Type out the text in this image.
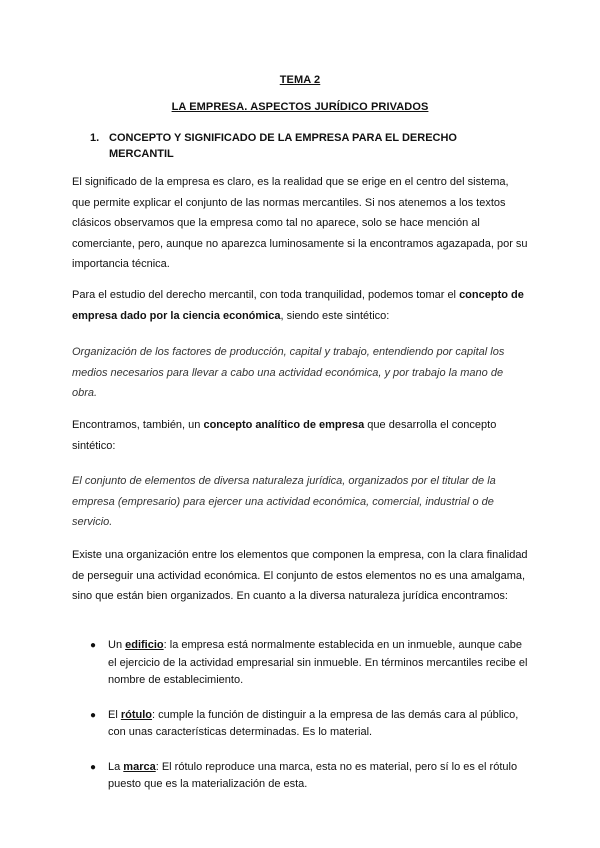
TEMA 2
LA EMPRESA. ASPECTOS JURÍDICO PRIVADOS
1. CONCEPTO Y SIGNIFICADO DE LA EMPRESA PARA EL DERECHO MERCANTIL
El significado de la empresa es claro, es la realidad que se erige en el centro del sistema, que permite explicar el conjunto de las normas mercantiles. Si nos atenemos a los textos clásicos observamos que la empresa como tal no aparece, solo se hace mención al comerciante, pero, aunque no aparezca luminosamente si la encontramos agazapada, por su importancia técnica.
Para el estudio del derecho mercantil, con toda tranquilidad, podemos tomar el concepto de empresa dado por la ciencia económica, siendo este sintético:
Organización de los factores de producción, capital y trabajo, entendiendo por capital los medios necesarios para llevar a cabo una actividad económica, y por trabajo la mano de obra.
Encontramos, también, un concepto analítico de empresa que desarrolla el concepto sintético:
El conjunto de elementos de diversa naturaleza jurídica, organizados por el titular de la empresa (empresario) para ejercer una actividad económica, comercial, industrial o de servicio.
Existe una organización entre los elementos que componen la empresa, con la clara finalidad de perseguir una actividad económica. El conjunto de estos elementos no es una amalgama, sino que están bien organizados. En cuanto a la diversa naturaleza jurídica encontramos:
● Un edificio: la empresa está normalmente establecida en un inmueble, aunque cabe el ejercicio de la actividad empresarial sin inmueble. En términos mercantiles recibe el nombre de establecimiento.
● El rótulo: cumple la función de distinguir a la empresa de las demás cara al público, con unas características determinadas. Es lo material.
● La marca: El rótulo reproduce una marca, esta no es material, pero sí lo es el rótulo puesto que es la materialización de esta.
